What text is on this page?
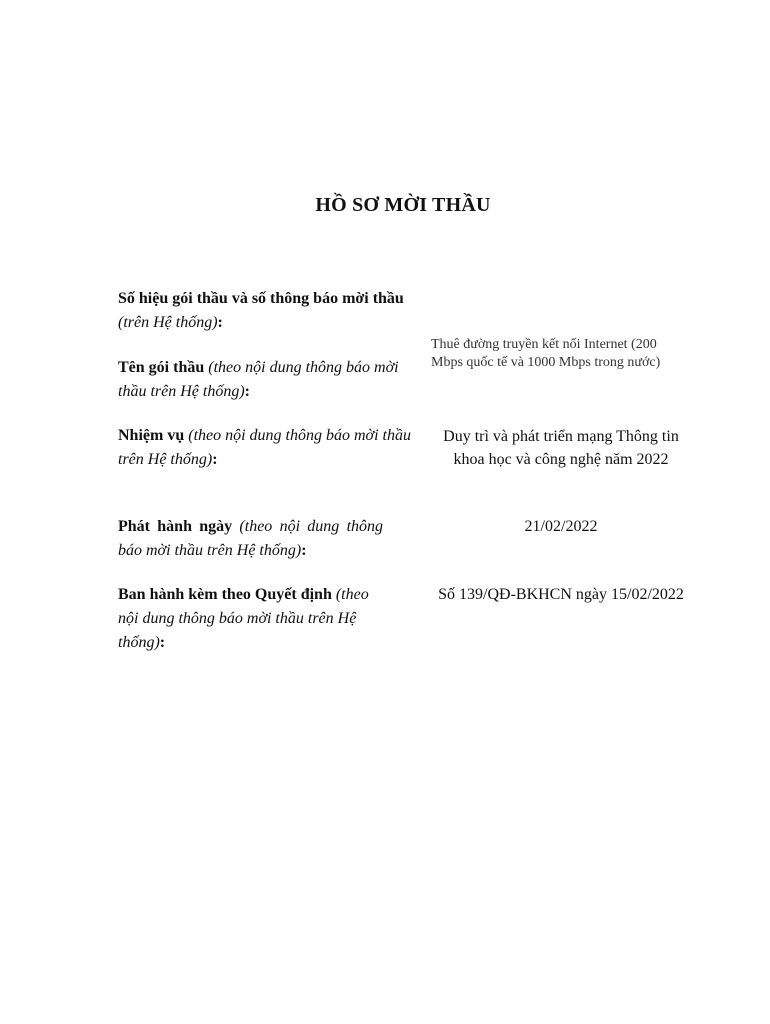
HỒ SƠ MỜI THẦU
Số hiệu gói thầu và số thông báo mời thầu (trên Hệ thống):
Tên gói thầu (theo nội dung thông báo mời thầu trên Hệ thống):
Thuê đường truyền kết nối Internet (200 Mbps quốc tế và 1000 Mbps trong nước)
Nhiệm vụ (theo nội dung thông báo mời thầu trên Hệ thống):
Duy trì và phát triển mạng Thông tin khoa học và công nghệ năm 2022
Phát hành ngày (theo nội dung thông báo mời thầu trên Hệ thống):
21/02/2022
Ban hành kèm theo Quyết định (theo nội dung thông báo mời thầu trên Hệ thống):
Số 139/QĐ-BKHCN ngày 15/02/2022
